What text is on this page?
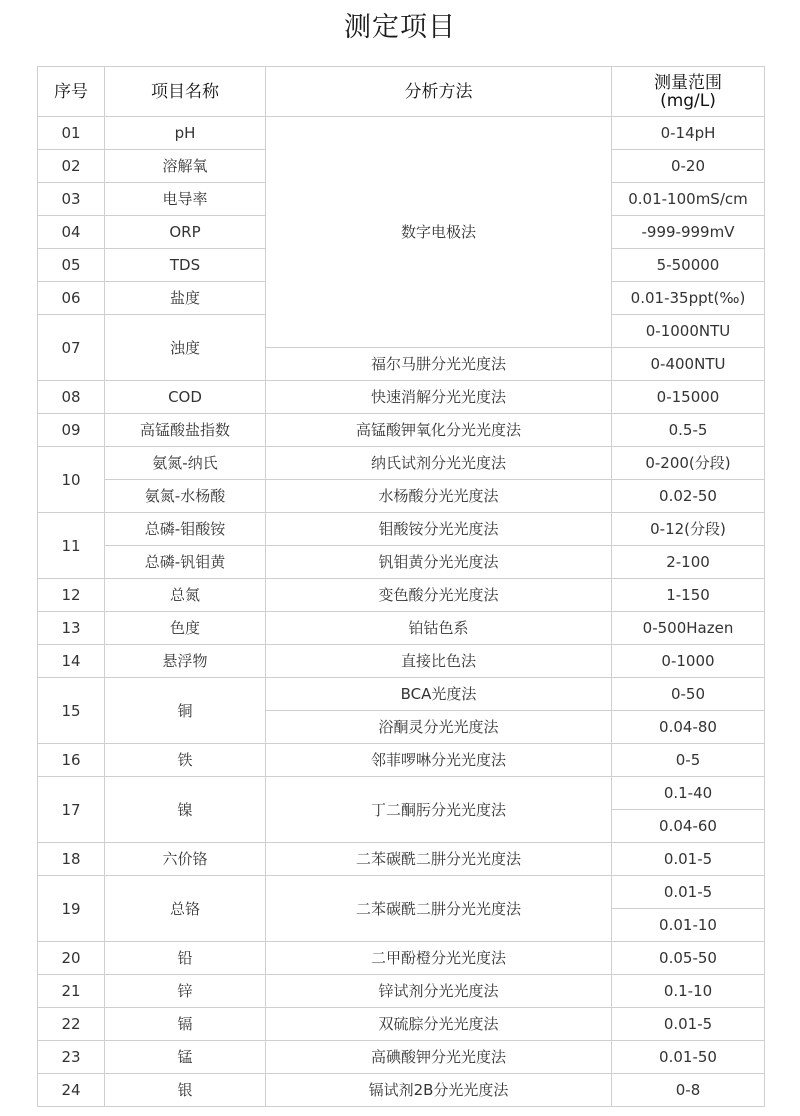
测定项目
序号	项目名称	分析方法	测量范围
(mg/L)
01	pH	数字电极法	0-14pH
02	溶解氧		0-20
03	电导率		0.01-100mS/cm
04	ORP		-999-999mV
05	TDS		5-50000
06	盐度		0.01-35ppt(‰)
07	浊度		0-1000NTU
		福尔马肼分光光度法	0-400NTU
08	COD	快速消解分光光度法	0-15000
09	高锰酸盐指数	高锰酸钾氧化分光光度法	0.5-5
10	氨氮-纳氏	纳氏试剂分光光度法	0-200(分段)
	氨氮-水杨酸	水杨酸分光光度法	0.02-50
11	总磷-钼酸铵	钼酸铵分光光度法	0-12(分段)
	总磷-钒钼黄	钒钼黄分光光度法	2-100
12	总氮	变色酸分光光度法	1-150
13	色度	铂钴色系	0-500Hazen
14	悬浮物	直接比色法	0-1000
15	铜	BCA光度法	0-50
		浴酮灵分光光度法	0.04-80
16	铁	邻菲啰啉分光光度法	0-5
17	镍	丁二酮肟分光光度法	0.1-40
			0.04-60
18	六价铬	二苯碳酰二肼分光光度法	0.01-5
19	总铬	二苯碳酰二肼分光光度法	0.01-5
			0.01-10
20	铅	二甲酚橙分光光度法	0.05-50
21	锌	锌试剂分光光度法	0.1-10
22	镉	双硫腙分光光度法	0.01-5
23	锰	高碘酸钾分光光度法	0.01-50
24	银	镉试剂2B分光光度法	0-8
